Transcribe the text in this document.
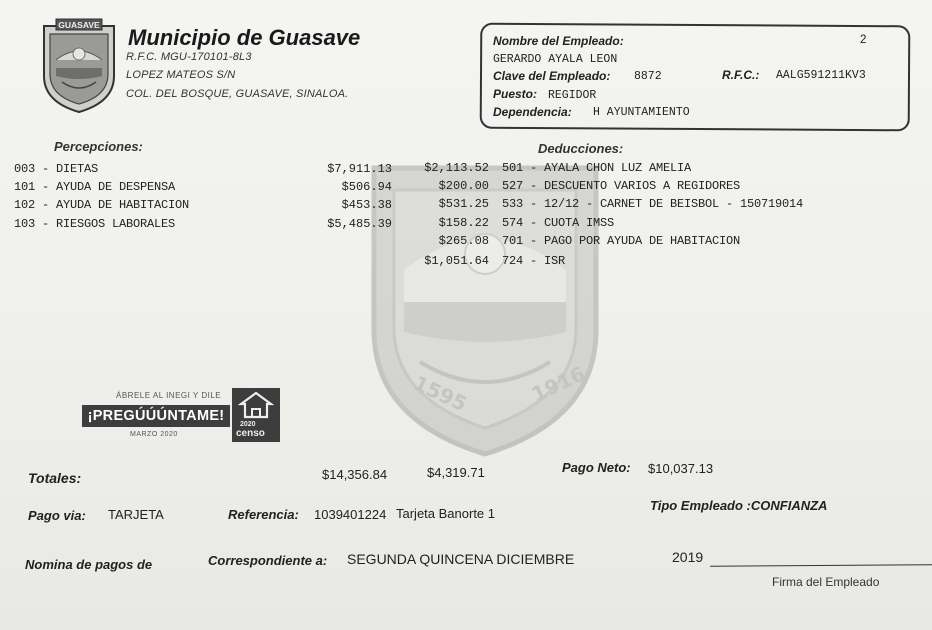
GUASAVE Municipio de Guasave
R.F.C. MGU-170101-8L3
LOPEZ MATEOS S/N
COL. DEL BOSQUE, GUASAVE, SINALOA.
Nombre del Empleado:	2
GERARDO AYALA LEON
Clave del Empleado: 8872	R.F.C.: AALG591211KV3
Puesto: REGIDOR
Dependencia: H AYUNTAMIENTO
1595	1916
Percepciones:
003 - DIETAS	$7,911.13
101 - AYUDA DE DESPENSA	$506.94
102 - AYUDA DE HABITACION	$453.38
103 - RIESGOS LABORALES	$5,485.39
Deducciones:
$2,113.52 501 - AYALA CHON LUZ AMELIA
$200.00 527 - DESCUENTO VARIOS A REGIDORES
$531.25 533 - 12/12 - CARNET DE BEISBOL - 150719014
$158.22 574 - CUOTA IMSS
$265.08 701 - PAGO POR AYUDA DE HABITACION
$1,051.64 724 - ISR
ÁBRELE AL INEGI Y DILE
¡PREGÚÚÚNTAME!
MARZO 2020
2020
censo
Totales:	$14,356.84	$4,319.71	Pago Neto: $10,037.13
Pago via: TARJETA	Referencia: 1039401224 Tarjeta Banorte 1
Tipo Empleado :CONFIANZA
Nomina de pagos de	Correspondiente a: SEGUNDA QUINCENA DICIEMBRE	2019
Firma del Empleado
